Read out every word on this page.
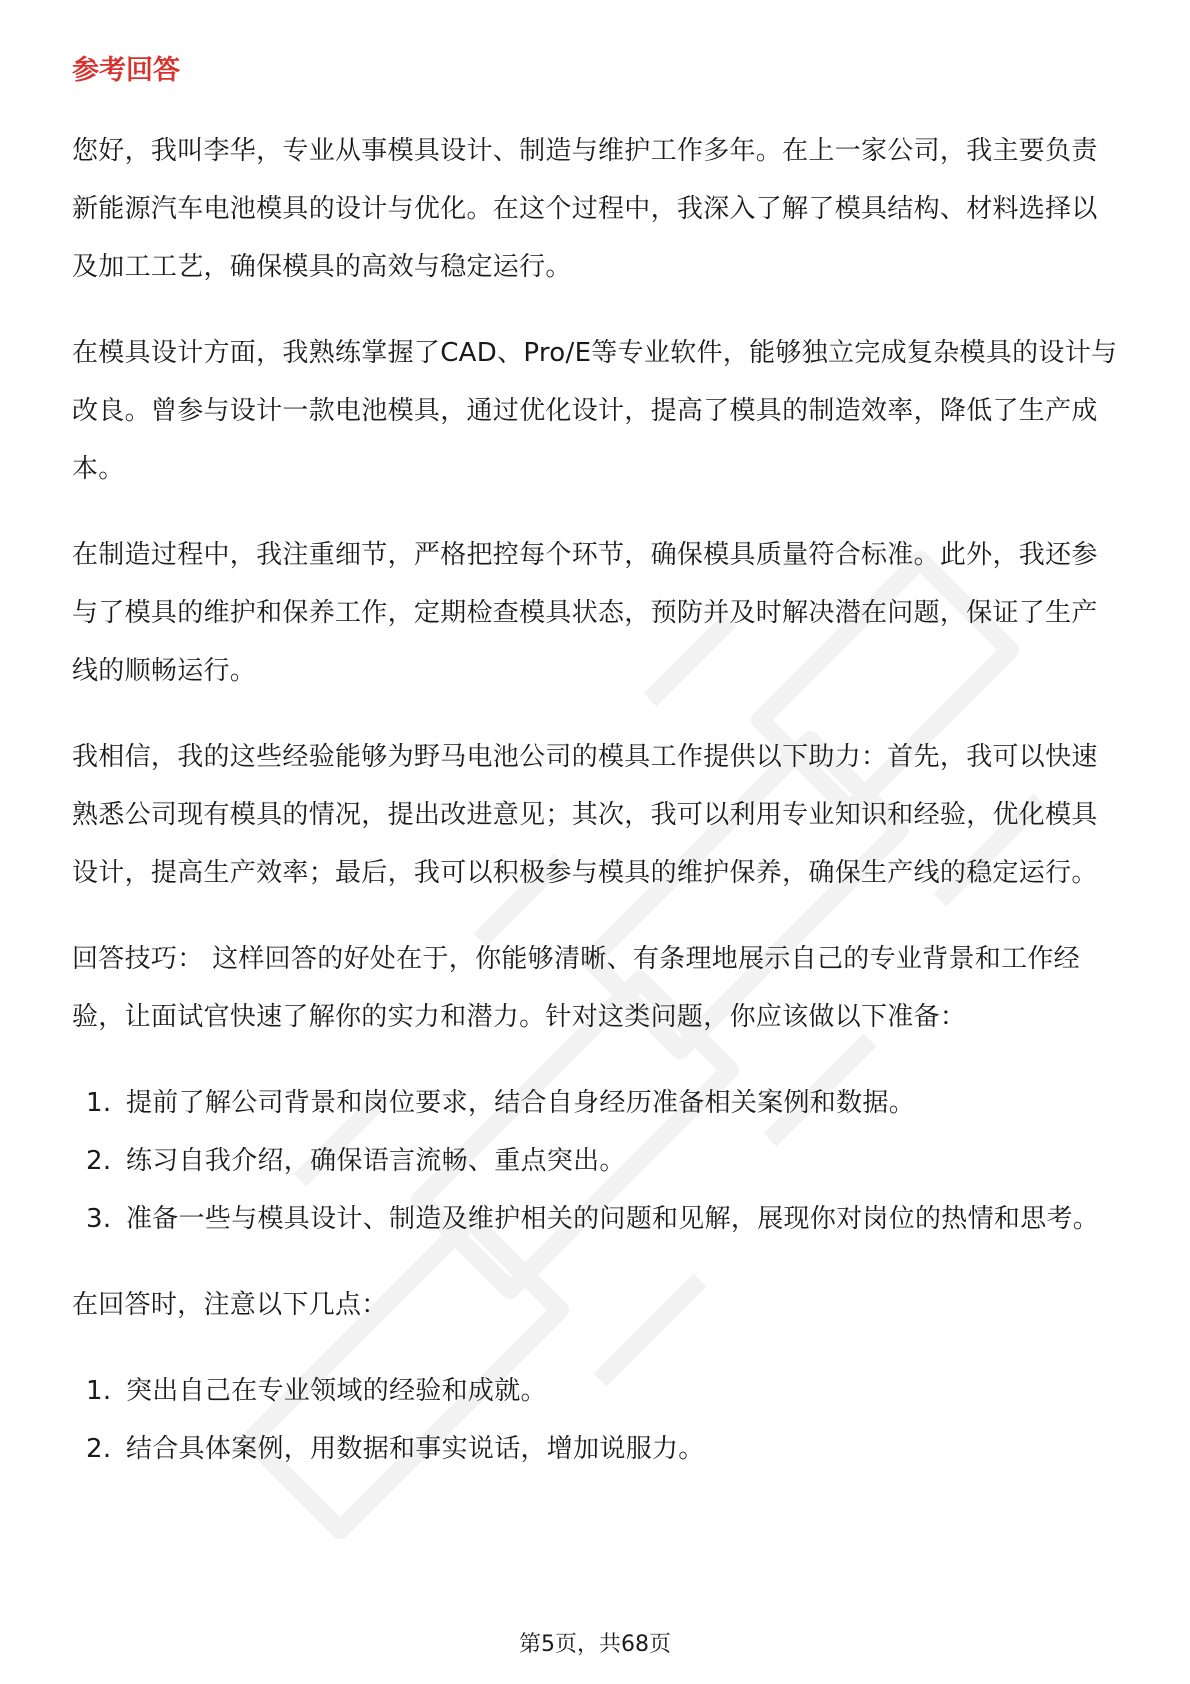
参考回答

您好，我叫李华，专业从事模具设计、制造与维护工作多年。在上一家公司，我主要负责新能源汽车电池模具的设计与优化。在这个过程中，我深入了解了模具结构、材料选择以及加工工艺，确保模具的高效与稳定运行。

在模具设计方面，我熟练掌握了CAD、Pro/E等专业软件，能够独立完成复杂模具的设计与改良。曾参与设计一款电池模具，通过优化设计，提高了模具的制造效率，降低了生产成本。

在制造过程中，我注重细节，严格把控每个环节，确保模具质量符合标准。此外，我还参与了模具的维护和保养工作，定期检查模具状态，预防并及时解决潜在问题，保证了生产线的顺畅运行。

我相信，我的这些经验能够为野马电池公司的模具工作提供以下助力：首先，我可以快速熟悉公司现有模具的情况，提出改进意见；其次，我可以利用专业知识和经验，优化模具设计，提高生产效率；最后，我可以积极参与模具的维护保养，确保生产线的稳定运行。

回答技巧： 这样回答的好处在于，你能够清晰、有条理地展示自己的专业背景和工作经验，让面试官快速了解你的实力和潜力。针对这类问题，你应该做以下准备：

1. 提前了解公司背景和岗位要求，结合自身经历准备相关案例和数据。
2. 练习自我介绍，确保语言流畅、重点突出。
3. 准备一些与模具设计、制造及维护相关的问题和见解，展现你对岗位的热情和思考。

在回答时，注意以下几点：

1. 突出自己在专业领域的经验和成就。
2. 结合具体案例，用数据和事实说话，增加说服力。
第5页，共68页
